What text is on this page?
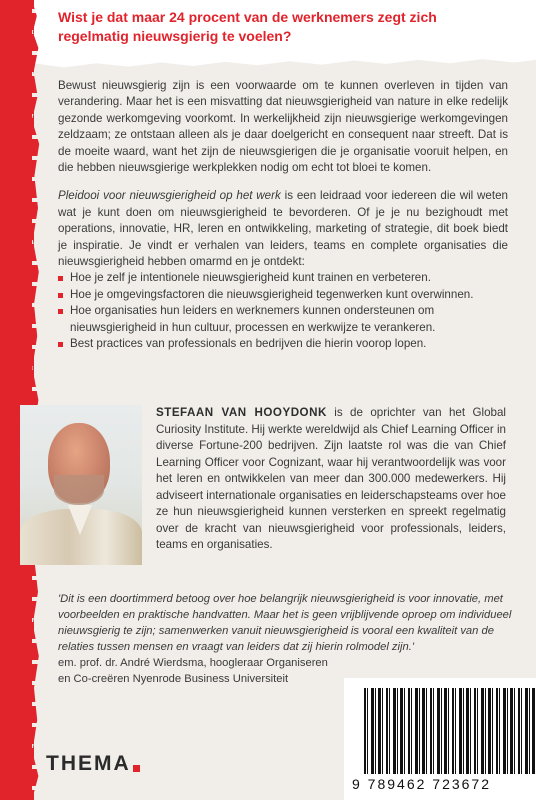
Wist je dat maar 24 procent van de werknemers zegt zich regelmatig nieuwsgierig te voelen?

Bewust nieuwsgierig zijn is een voorwaarde om te kunnen overleven in tijden van verandering. Maar het is een misvatting dat nieuwsgierigheid van nature in elke redelijk gezonde werkomgeving voorkomt. In werkelijkheid zijn nieuwsgierige werkomgevingen zeldzaam; ze ontstaan alleen als je daar doelgericht en consequent naar streeft. Dat is de moeite waard, want het zijn de nieuwsgierigen die je organisatie vooruit helpen, en die hebben nieuwsgierige werkplekken nodig om echt tot bloei te komen.

Pleidooi voor nieuwsgierigheid op het werk is een leidraad voor iedereen die wil weten wat je kunt doen om nieuwsgierigheid te bevorderen. Of je je nu bezighoudt met operations, innovatie, HR, leren en ontwikkeling, marketing of strategie, dit boek biedt je inspiratie. Je vindt er verhalen van leiders, teams en complete organisaties die nieuwsgierigheid hebben omarmd en je ontdekt:

Hoe je zelf je intentionele nieuwsgierigheid kunt trainen en verbeteren.
Hoe je omgevingsfactoren die nieuwsgierigheid tegenwerken kunt overwinnen.
Hoe organisaties hun leiders en werknemers kunnen ondersteunen om nieuwsgierigheid in hun cultuur, processen en werkwijze te verankeren.
Best practices van professionals en bedrijven die hierin voorop lopen.

STEFAAN VAN HOOYDONK is de oprichter van het Global Curiosity Institute. Hij werkte wereldwijd als Chief Learning Officer in diverse Fortune-200 bedrijven. Zijn laatste rol was die van Chief Learning Officer voor Cognizant, waar hij verantwoordelijk was voor het leren en ontwikkelen van meer dan 300.000 medewerkers. Hij adviseert internationale organisaties en leiderschapsteams over hoe ze hun nieuwsgierigheid kunnen versterken en spreekt regelmatig over de kracht van nieuwsgierigheid voor professionals, leiders, teams en organisaties.

'Dit is een doortimmerd betoog over hoe belangrijk nieuwsgierigheid is voor innovatie, met voorbeelden en praktische handvatten. Maar het is geen vrijblijvende oproep om individueel nieuwsgierig te zijn; samenwerken vanuit nieuwsgierigheid is vooral een kwaliteit van de relaties tussen mensen en vraagt van leiders dat zij hierin rolmodel zijn.'

em. prof. dr. André Wierdsma, hoogleraar Organiseren
en Co-creëren Nyenrode Business Universiteit

THEMA
9 789462 723672
